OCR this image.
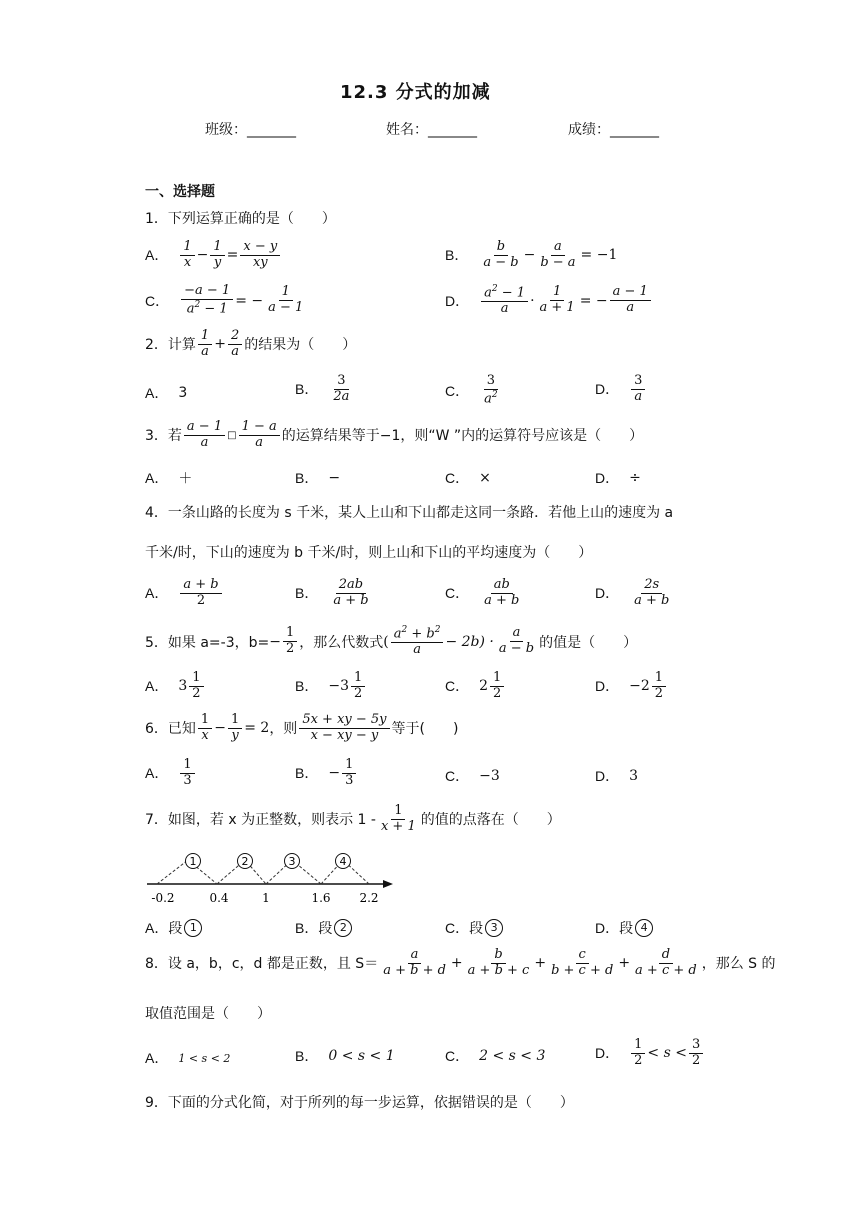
12.3 分式的加减
班级：_______	姓名：_______	成绩：_______
一、选择题
1．下列运算正确的是（　　）
A． $\frac{1}{x} - \frac{1}{y} = \frac{x - y}{xy}$	B． $\frac{b}{a - b} - \frac{a}{b - a} = -1$
C． $\frac{-a - 1}{a^2 - 1}$ = − $\frac{1}{a - 1}$	D． $\frac{a^2 - 1}{a} \cdot \frac{1}{a + 1}$ = − $\frac{a - 1}{a}$
2．计算 $\frac{1}{a} + \frac{2}{a}$ 的结果为（　　）
A． 3	B． $\frac{3}{2a}$	C． $\frac{3}{a^2}$	D． $\frac{3}{a}$
3．若 $\frac{a - 1}{a}$ □ $\frac{1 - a}{a}$ 的运算结果等于−1，则“W ”内的运算符号应该是（　　）
A． ＋	B． −	C． ×	D． ÷
4．一条山路的长度为 s 千米，某人上山和下山都走这同一条路．若他上山的速度为 a
千米/时，下山的速度为 b 千米/时，则上山和下山的平均速度为（　　）
A． $\frac{a + b}{2}$	B． $\frac{2ab}{a + b}$	C． $\frac{ab}{a + b}$	D． $\frac{2s}{a + b}$
5．如果 a=-3，$b= - \frac{1}{2}$ ，那么代数式 ( $\frac{a^2 + b^2}{a} - 2b) \cdot \frac{a}{a - b}$ 的值是（　　）
A． $3 \frac{1}{2}$	B． $-3 \frac{1}{2}$	C． $2 \frac{1}{2}$	D． $-2 \frac{1}{2}$
6．已知 $\frac{1}{x} - \frac{1}{y} = 2$ ，则 $\frac{5x + xy - 5y}{x - xy - y}$ 等于(　　)
A． $\frac{1}{3}$	B． − $\frac{1}{3}$	C． −3	D． 3
7．如图，若 x 为正整数，则表示 $1 - \frac{1}{x + 1}$ 的值的点落在（　　）
1	2	3	4
-0.2	0.4	1	1.6 2.2
A．段 1	B．段 2	C．段 3	D．段 4
8．设 a，b，c，d 都是正数，且 $S= \frac{a}{a + b + d} + \frac{b}{a + b + c} + \frac{c}{b + c + d} + \frac{d}{a + c + d}$ ，那么 S 的
取值范围是（　　）
A． 1 < s < 2	B． 0 < s < 1	C． 2 < s < 3	D． $\frac{1}{2} < s < \frac{3}{2}$
9．下面的分式化简，对于所列的每一步运算，依据错误的是（　　）
